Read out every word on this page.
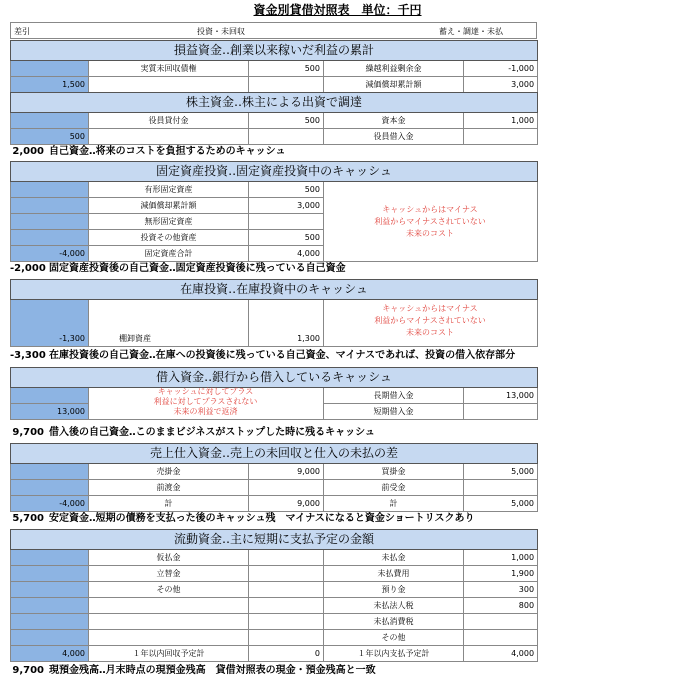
資金別貸借対照表　単位：千円
差引	投資・未回収	蓄え・調達・未払
損益資金‥創業以来稼いだ利益の累計				
	実質未回収債権	500	繰越利益剰余金	-1,000
1,500			減価償却累計額	3,000
株主資金‥株主による出資で調達				
	役員貸付金	500	資本金	1,000
500			役員借入金	
2,000 自己資金‥将来のコストを負担するためのキャッシュ
固定資産投資‥固定資産投資中のキャッシュ			
	有形固定資産	500	
	減価償却累計額	3,000	
	無形固定資産		
	投資その他資産	500	
-4,000	固定資産合計	4,000	
キャッシュからはマイナス
利益からマイナスされていない
未来のコスト
-2,000 固定資産投資後の自己資金‥固定資産投資後に残っている自己資金
在庫投資‥在庫投資中のキャッシュ
-1,300	棚卸資産	1,300	
キャッシュからはマイナス
利益からマイナスされていない
未来のコスト
-3,300 在庫投資後の自己資金‥在庫への投資後に残っている自己資金、マイナスであれば、投資の借入依存部分
借入資金‥銀行から借入しているキャッシュ			
		長期借入金	13,000
13,000		短期借入金	
キャッシュに対してプラス
利益に対してプラスされない
未来の利益で返済
9,700 借入後の自己資金‥このままビジネスがストップした時に残るキャッシュ
売上仕入資金‥売上の未回収と仕入の未払の差				
	売掛金	9,000	買掛金	5,000
	前渡金		前受金	
-4,000	計	9,000	計	5,000
5,700 安定資金‥短期の債務を支払った後のキャッシュ残　マイナスになると資金ショートリスクあり
流動資金‥主に短期に支払予定の金額				
	仮払金		未払金	1,000
	立替金		未払費用	1,900
	その他		預り金	300
			未払法人税	800
			未払消費税	
			その他	
4,000	１年以内回収予定計	0	１年以内支払予定計	4,000
9,700 現預金残高‥月末時点の現預金残高　貸借対照表の現金・預金残高と一致
